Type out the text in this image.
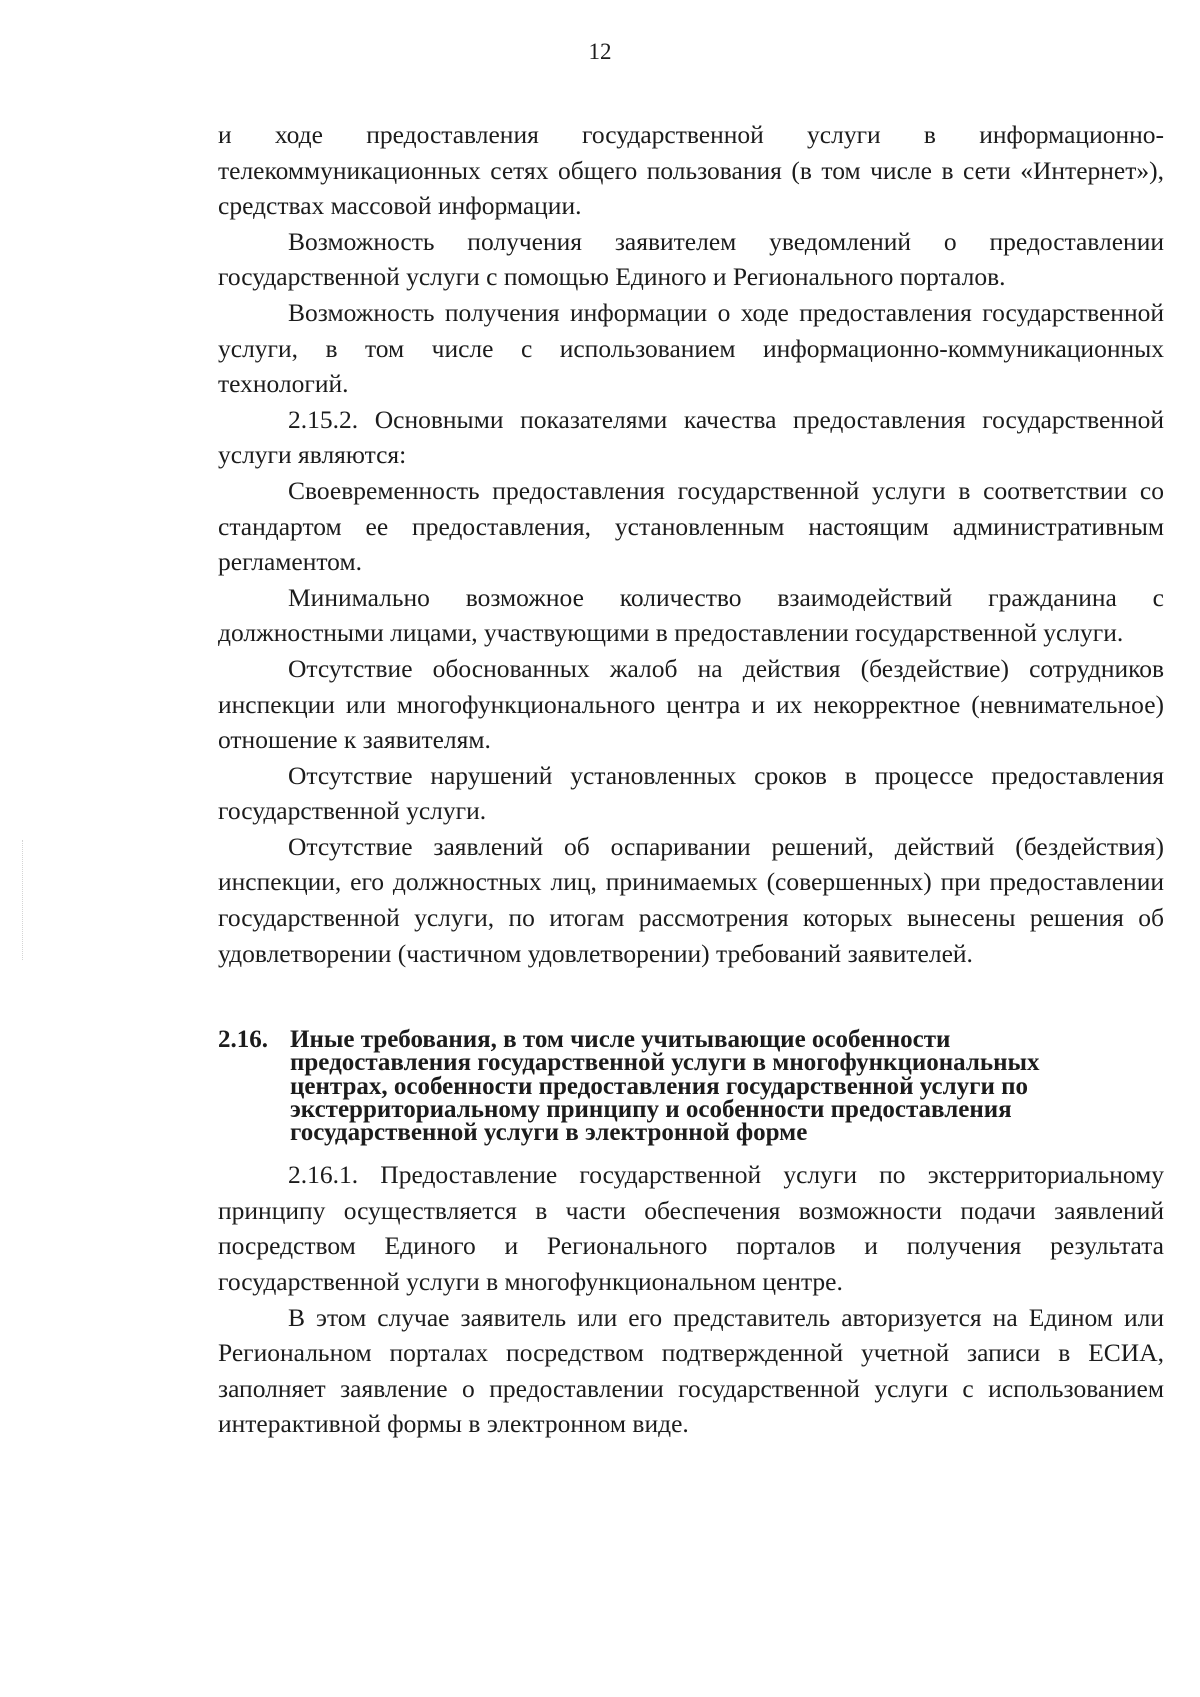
12

и ходе предоставления государственной услуги в информационно-телекоммуникационных сетях общего пользования (в том числе в сети «Интернет»), средствах массовой информации.

Возможность получения заявителем уведомлений о предоставлении государственной услуги с помощью Единого и Регионального порталов.

Возможность получения информации о ходе предоставления государственной услуги, в том числе с использованием информационно-коммуникационных технологий.

2.15.2. Основными показателями качества предоставления государственной услуги являются:

Своевременность предоставления государственной услуги в соответствии со стандартом ее предоставления, установленным настоящим административным регламентом.

Минимально возможное количество взаимодействий гражданина с должностными лицами, участвующими в предоставлении государственной услуги.

Отсутствие обоснованных жалоб на действия (бездействие) сотрудников инспекции или многофункционального центра и их некорректное (невнимательное) отношение к заявителям.

Отсутствие нарушений установленных сроков в процессе предоставления государственной услуги.

Отсутствие заявлений об оспаривании решений, действий (бездействия) инспекции, его должностных лиц, принимаемых (совершенных) при предоставлении государственной услуги, по итогам рассмотрения которых вынесены решения об удовлетворении (частичном удовлетворении) требований заявителей.

2.16. Иные требования, в том числе учитывающие особенности предоставления государственной услуги в многофункциональных центрах, особенности предоставления государственной услуги по экстерриториальному принципу и особенности предоставления государственной услуги в электронной форме

2.16.1. Предоставление государственной услуги по экстерриториальному принципу осуществляется в части обеспечения возможности подачи заявлений посредством Единого и Регионального порталов и получения результата государственной услуги в многофункциональном центре.

В этом случае заявитель или его представитель авторизуется на Едином или Региональном порталах посредством подтвержденной учетной записи в ЕСИА, заполняет заявление о предоставлении государственной услуги с использованием интерактивной формы в электронном виде.
